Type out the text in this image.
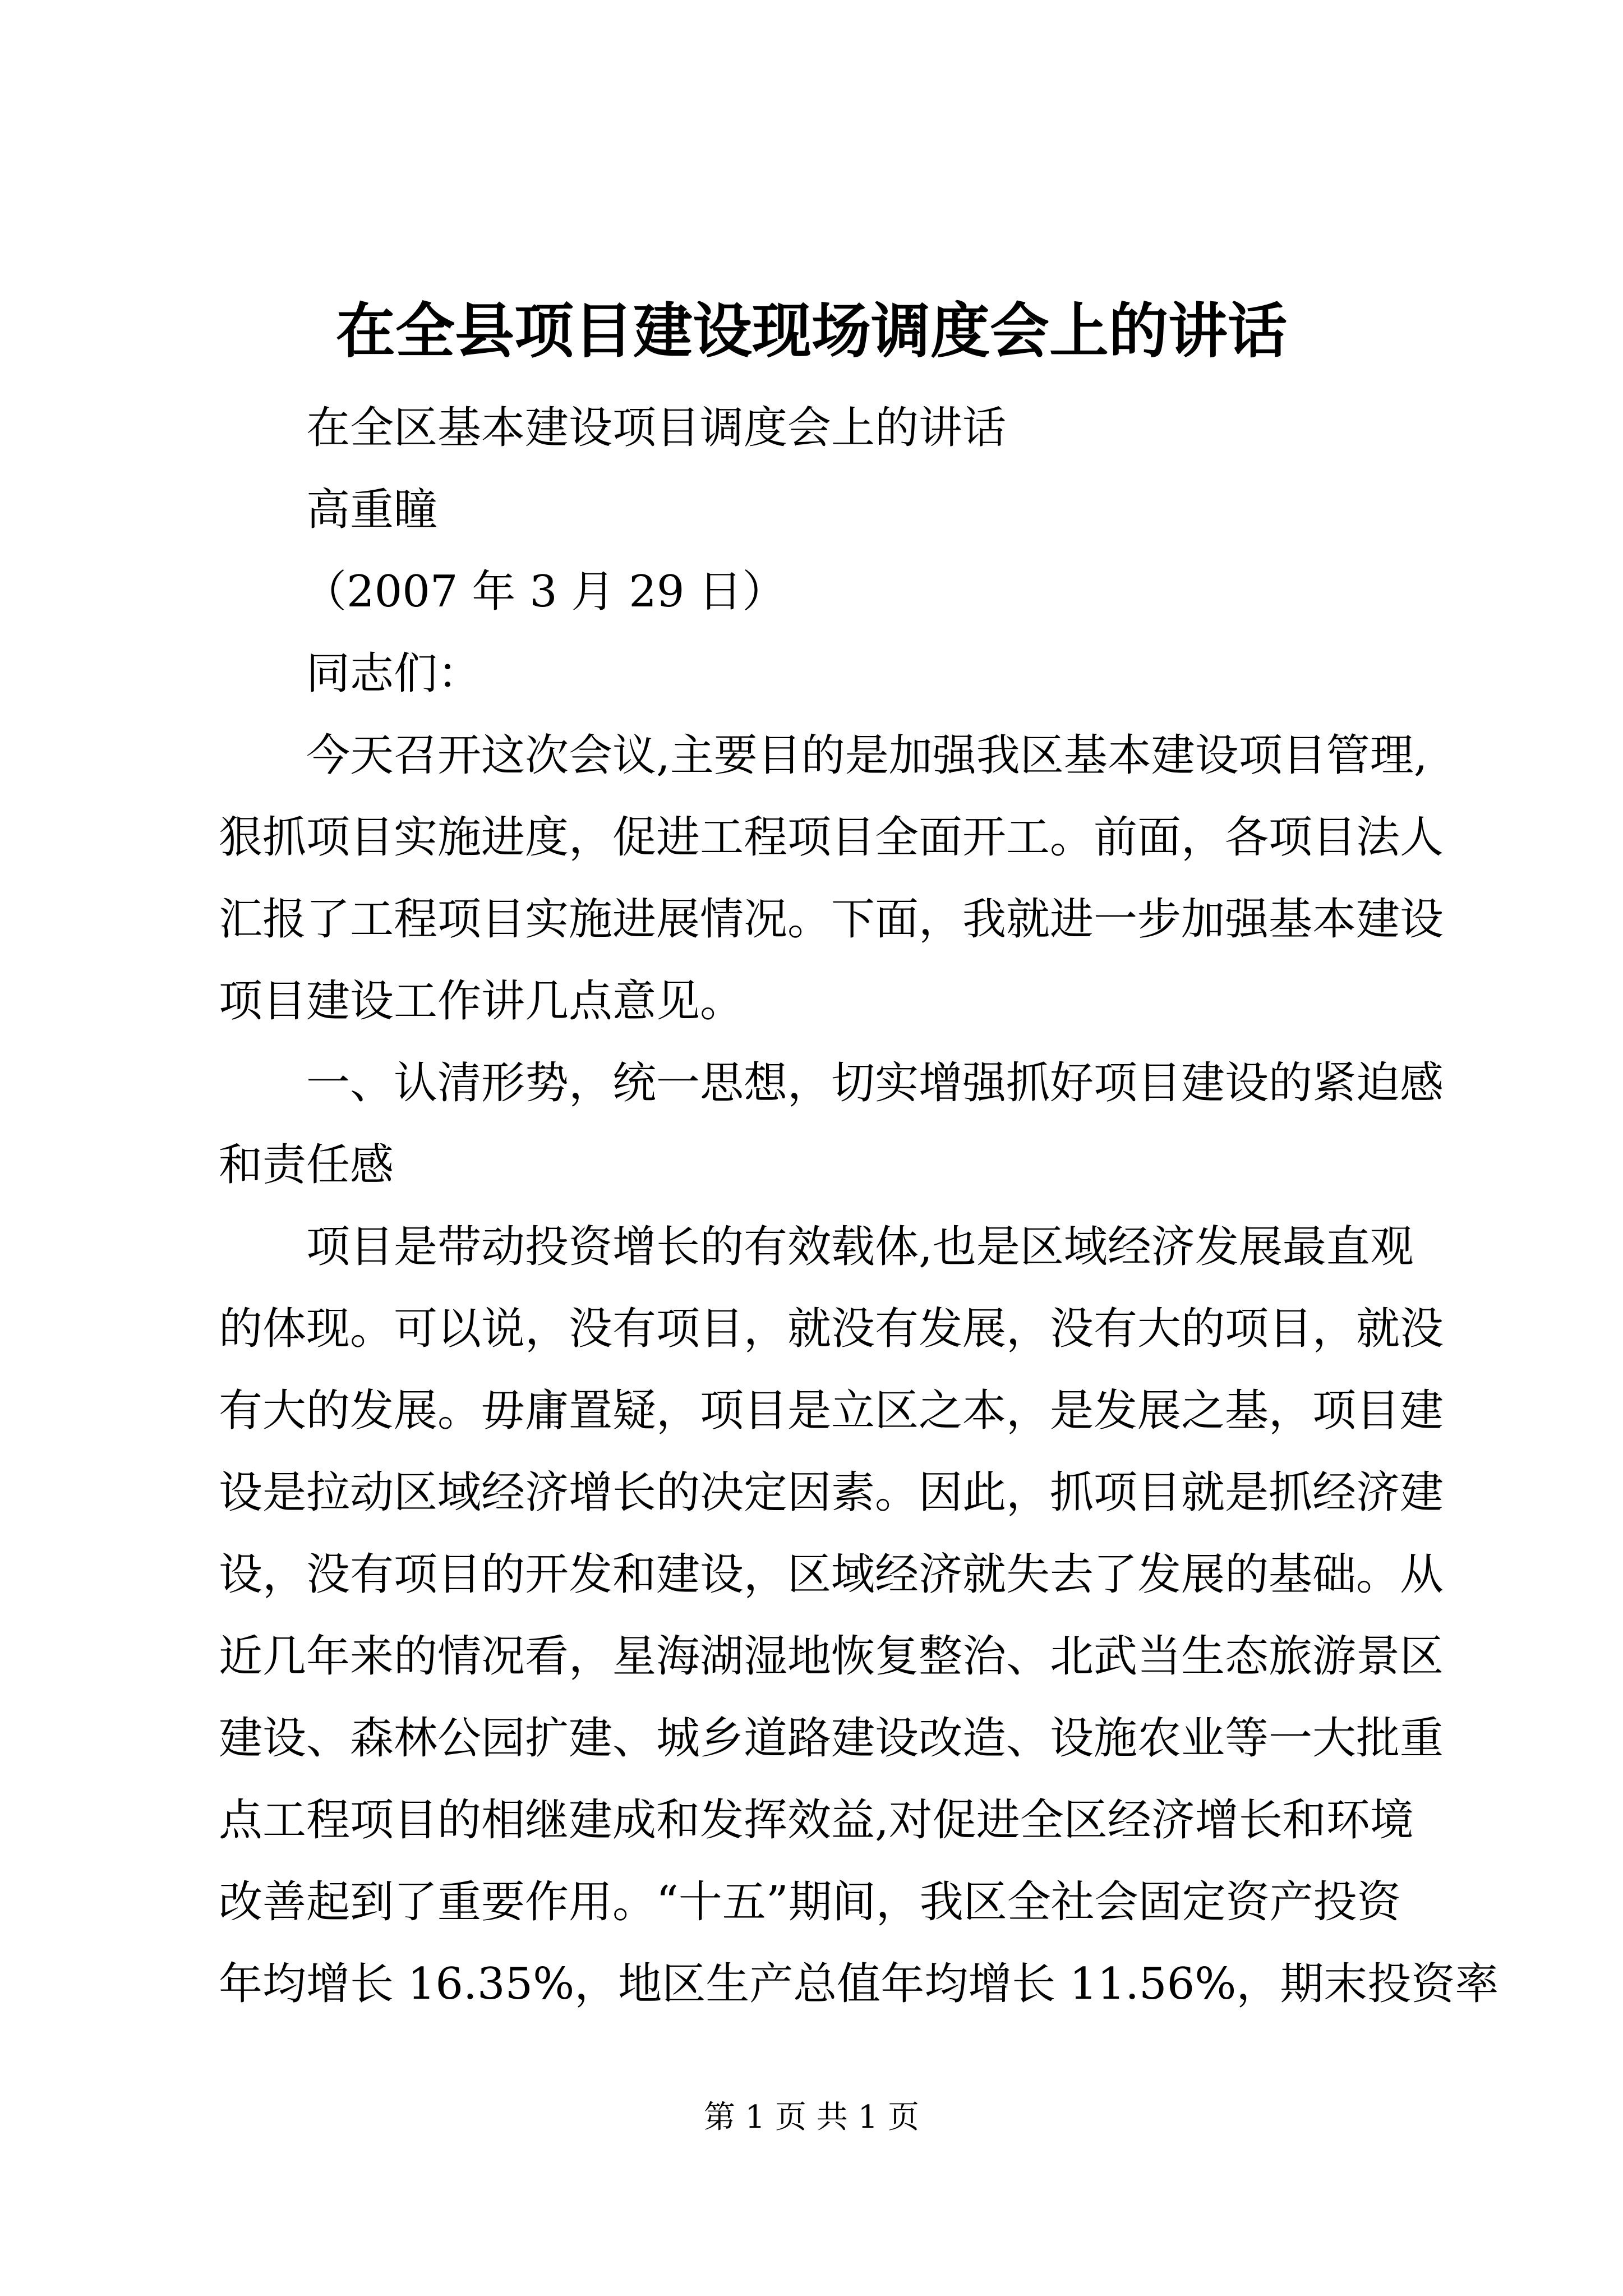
在全县项目建设现场调度会上的讲话
在全区基本建设项目调度会上的讲话
高重瞳
（2007 年 3 月 29 日）
同志们：
今天召开这次会议,主要目的是加强我区基本建设项目管理,
狠抓项目实施进度，促进工程项目全面开工。前面，各项目法人
汇报了工程项目实施进展情况。下面，我就进一步加强基本建设
项目建设工作讲几点意见。
一、认清形势，统一思想，切实增强抓好项目建设的紧迫感
和责任感
项目是带动投资增长的有效载体,也是区域经济发展最直观
的体现。可以说，没有项目，就没有发展，没有大的项目，就没
有大的发展。毋庸置疑，项目是立区之本，是发展之基，项目建
设是拉动区域经济增长的决定因素。因此，抓项目就是抓经济建
设，没有项目的开发和建设，区域经济就失去了发展的基础。从
近几年来的情况看，星海湖湿地恢复整治、北武当生态旅游景区
建设、森林公园扩建、城乡道路建设改造、设施农业等一大批重
点工程项目的相继建成和发挥效益,对促进全区经济增长和环境
改善起到了重要作用。“十五”期间，我区全社会固定资产投资
年均增长 16.35%，地区生产总值年均增长 11.56%，期末投资率
第 1 页 共 1 页
